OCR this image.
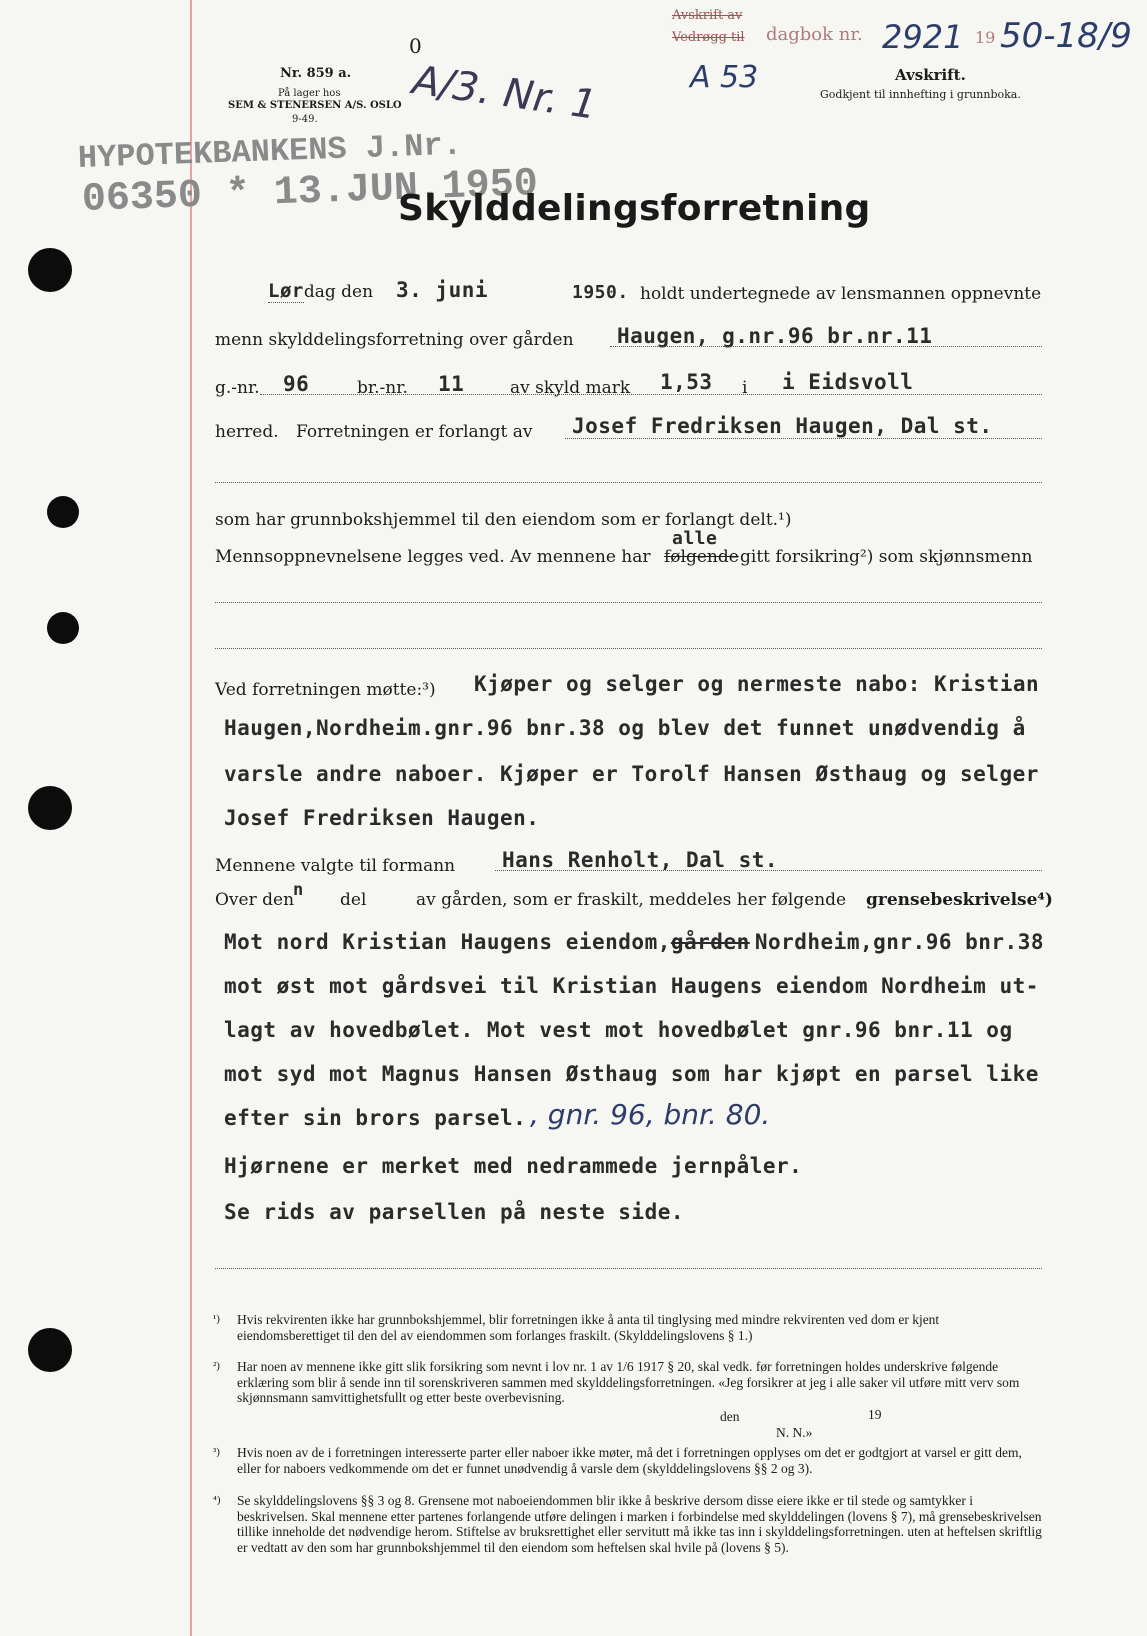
Nr. 859 a.
På lager hos
SEM & STENERSEN A/S. OSLO
9-49.
0
A/3. Nr. 1
Avskrift av
Vedrøgg til dagbok nr. 2921 19 50-18/9
A 53	Avskrift.
Godkjent til innhefting i grunnboka.
HYPOTEKBANKENS J.Nr.
06350 * 13.JUN.1950
Skylddelingsforretning
Lørdag den 3. juni	1950. holdt undertegnede av lensmannen oppnevnte
menn skylddelingsforretning over gården Haugen, g.nr.96 br.nr.11
g.-nr. 96	br.-nr. 11	av skyld mark 1,53 i i Eidsvoll
herred. Forretningen er forlangt av Josef Fredriksen Haugen, Dal st.
som har grunnbokshjemmel til den eiendom som er forlangt delt.¹)
Mennsoppnevnelsene legges ved. Av mennene har følgende
alle
gitt forsikring²) som skjønnsmenn
Ved forretningen møtte:³) Kjøper og selger og nermeste nabo: Kristian
Haugen,Nordheim.gnr.96 bnr.38 og blev det funnet unødvendig å
varsle andre naboer. Kjøper er Torolf Hansen Østhaug og selger
Josef Fredriksen Haugen.
Mennene valgte til formann Hans Renholt, Dal st.
Over den
n del	av gården, som er fraskilt, meddeles her følgende grensebeskrivelse⁴)
Mot nord Kristian Haugens eiendom,gården Nordheim,gnr.96 bnr.38
mot øst mot gårdsvei til Kristian Haugens eiendom Nordheim ut-
lagt av hovedbølet. Mot vest mot hovedbølet gnr.96 bnr.11 og
mot syd mot Magnus Hansen Østhaug som har kjøpt en parsel like
efter sin brors parsel. , gnr. 96, bnr. 80.
Hjørnene er merket med nedrammede jernpåler.
Se rids av parsellen på neste side.
¹) Hvis rekvirenten ikke har grunnbokshjemmel, blir forretningen ikke å anta til tinglysing med mindre rekvirenten ved dom er kjent eiendomsberettiget til den del av eiendommen som forlanges fraskilt. (Skylddelingslovens § 1.)
²) Har noen av mennene ikke gitt slik forsikring som nevnt i lov nr. 1 av 1/6 1917 § 20, skal vedk. før forretningen holdes underskrive følgende erklæring som blir å sende inn til sorenskriveren sammen med skylddelingsforretningen. «Jeg forsikrer at jeg i alle saker vil utføre mitt verv som skjønnsmann samvittighetsfullt og etter beste overbevisning.
den	19
N. N.»
³) Hvis noen av de i forretningen interesserte parter eller naboer ikke møter, må det i forretningen opplyses om det er godtgjort at varsel er gitt dem, eller for naboers vedkommende om det er funnet unødvendig å varsle dem (skylddelingslovens §§ 2 og 3).
⁴) Se skylddelingslovens §§ 3 og 8. Grensene mot naboeiendommen blir ikke å beskrive dersom disse eiere ikke er til stede og samtykker i beskrivelsen. Skal mennene etter partenes forlangende utføre delingen i marken i forbindelse med skylddelingen (lovens § 7), må grensebeskrivelsen tillike inneholde det nødvendige herom. Stiftelse av bruksrettighet eller servitutt må ikke tas inn i skylddelingsforretningen. uten at heftelsen skriftlig er vedtatt av den som har grunnbokshjemmel til den eiendom som heftelsen skal hvile på (lovens § 5).
